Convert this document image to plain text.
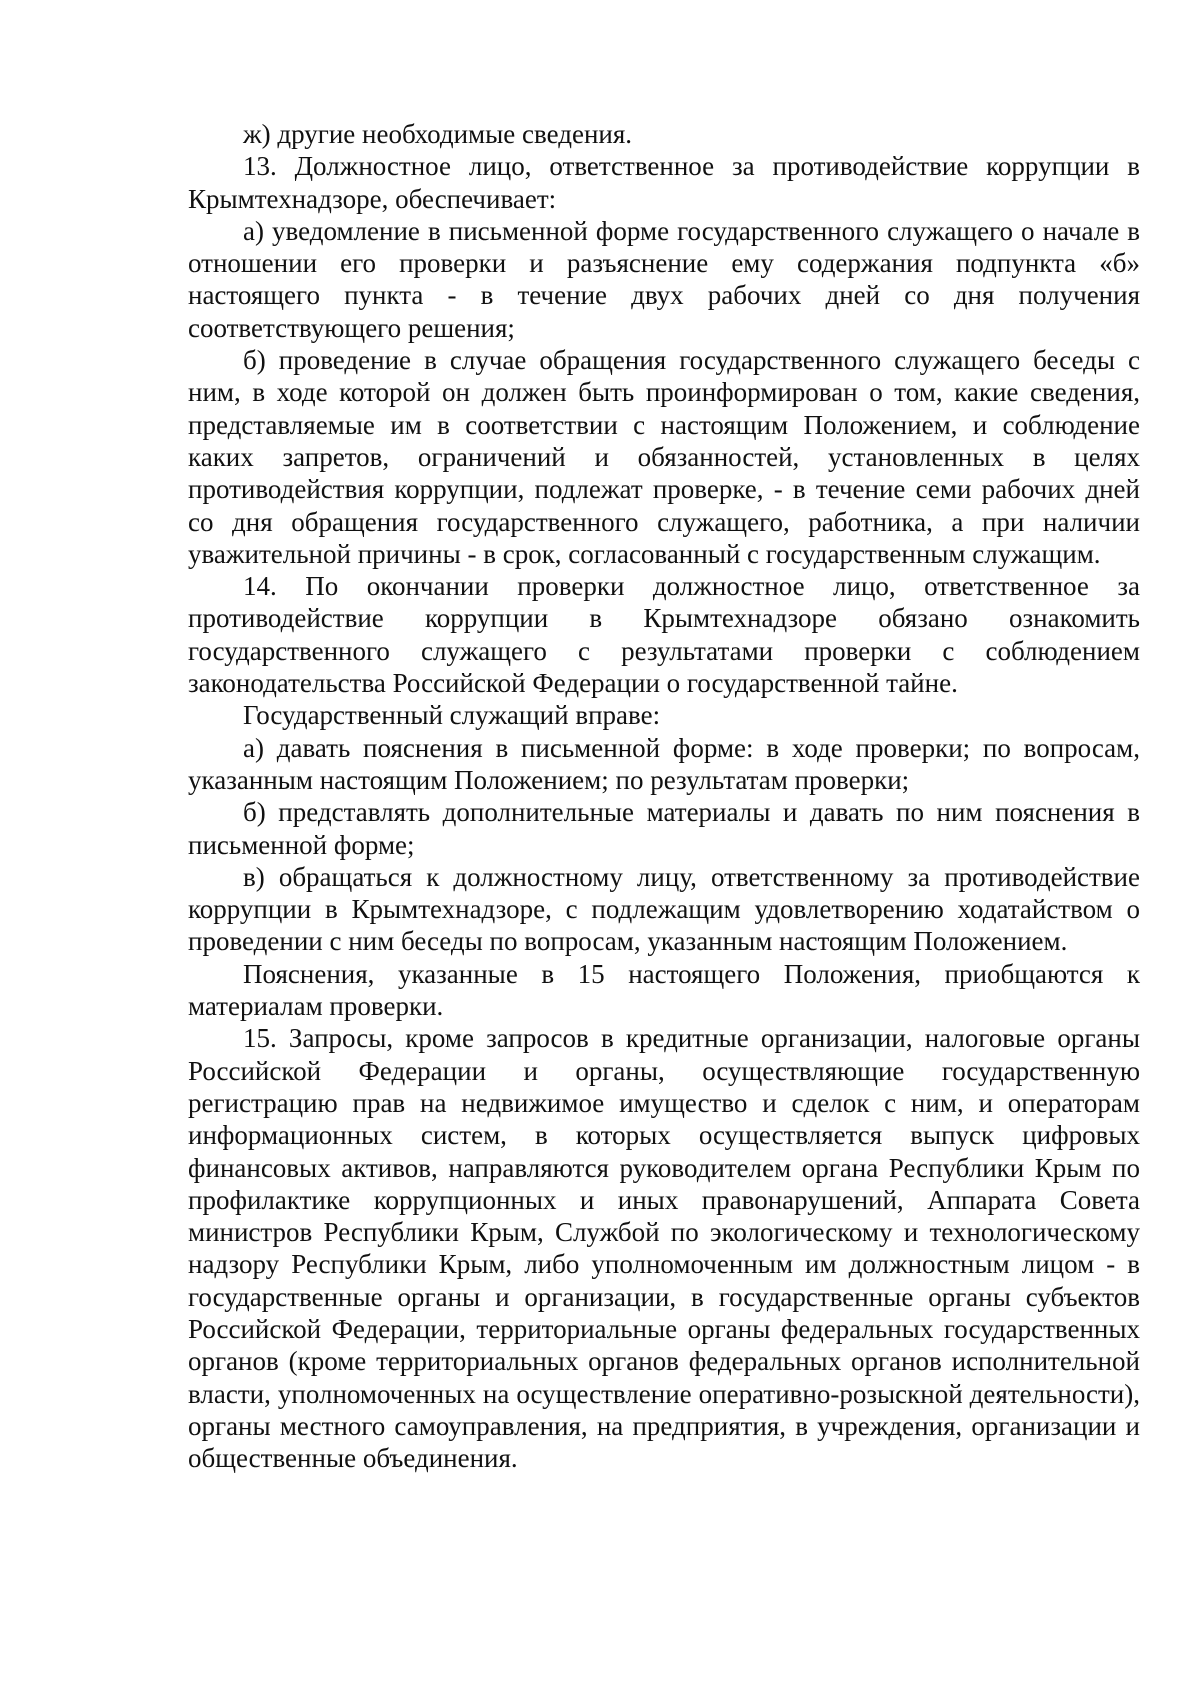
ж) другие необходимые сведения.

13. Должностное лицо, ответственное за противодействие коррупции в Крымтехнадзоре, обеспечивает:

а) уведомление в письменной форме государственного служащего о начале в отношении его проверки и разъяснение ему содержания подпункта «б» настоящего пункта - в течение двух рабочих дней со дня получения соответствующего решения;

б) проведение в случае обращения государственного служащего беседы с ним, в ходе которой он должен быть проинформирован о том, какие сведения, представляемые им в соответствии с настоящим Положением, и соблюдение каких запретов, ограничений и обязанностей, установленных в целях противодействия коррупции, подлежат проверке, - в течение семи рабочих дней со дня обращения государственного служащего, работника, а при наличии уважительной причины - в срок, согласованный с государственным служащим.

14. По окончании проверки должностное лицо, ответственное за противодействие коррупции в Крымтехнадзоре обязано ознакомить государственного служащего с результатами проверки с соблюдением законодательства Российской Федерации о государственной тайне.

Государственный служащий вправе:

а) давать пояснения в письменной форме: в ходе проверки; по вопросам, указанным настоящим Положением; по результатам проверки;

б) представлять дополнительные материалы и давать по ним пояснения в письменной форме;

в) обращаться к должностному лицу, ответственному за противодействие коррупции в Крымтехнадзоре, с подлежащим удовлетворению ходатайством о проведении с ним беседы по вопросам, указанным настоящим Положением.

Пояснения, указанные в 15 настоящего Положения, приобщаются к материалам проверки.

15. Запросы, кроме запросов в кредитные организации, налоговые органы Российской Федерации и органы, осуществляющие государственную регистрацию прав на недвижимое имущество и сделок с ним, и операторам информационных систем, в которых осуществляется выпуск цифровых финансовых активов, направляются руководителем органа Республики Крым по профилактике коррупционных и иных правонарушений, Аппарата Совета министров Республики Крым, Службой по экологическому и технологическому надзору Республики Крым, либо уполномоченным им должностным лицом - в государственные органы и организации, в государственные органы субъектов Российской Федерации, территориальные органы федеральных государственных органов (кроме территориальных органов федеральных органов исполнительной власти, уполномоченных на осуществление оперативно-розыскной деятельности), органы местного самоуправления, на предприятия, в учреждения, организации и общественные объединения.
